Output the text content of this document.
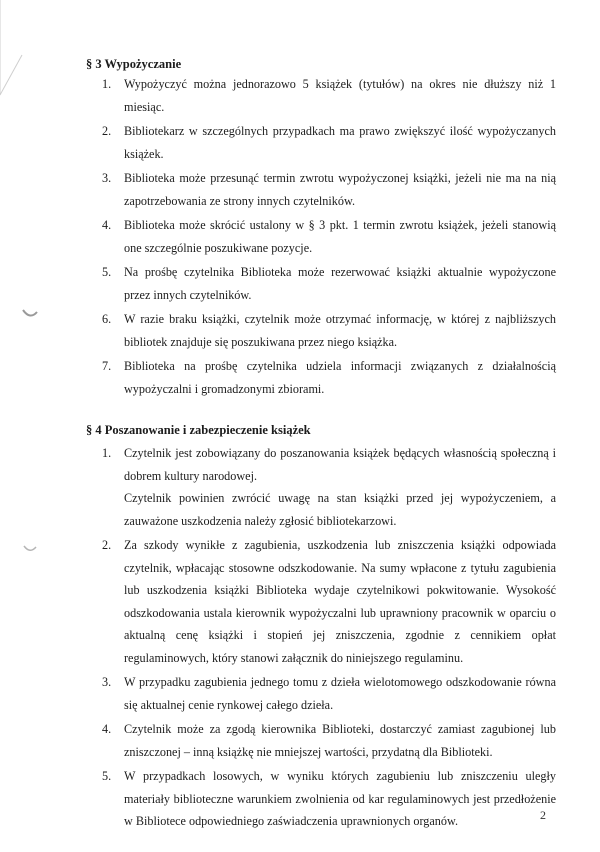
§ 3 Wypożyczanie
1. Wypożyczyć można jednorazowo 5 książek (tytułów) na okres nie dłuższy niż 1 miesiąc.
2. Bibliotekarz w szczególnych przypadkach ma prawo zwiększyć ilość wypożyczanych książek.
3. Biblioteka może przesunąć termin zwrotu wypożyczonej książki, jeżeli nie ma na nią zapotrzebowania ze strony innych czytelników.
4. Biblioteka może skrócić ustalony w § 3 pkt. 1 termin zwrotu książek, jeżeli stanowią one szczególnie poszukiwane pozycje.
5. Na prośbę czytelnika Biblioteka może rezerwować książki aktualnie wypożyczone przez innych czytelników.
6. W razie braku książki, czytelnik może otrzymać informację, w której z najbliższych bibliotek znajduje się poszukiwana przez niego książka.
7. Biblioteka na prośbę czytelnika udziela informacji związanych z działalnością wypożyczalni i gromadzonymi zbiorami.
§ 4 Poszanowanie i zabezpieczenie książek
1. Czytelnik jest zobowiązany do poszanowania książek będących własnością społeczną i dobrem kultury narodowej.
Czytelnik powinien zwrócić uwagę na stan książki przed jej wypożyczeniem, a zauważone uszkodzenia należy zgłosić bibliotekarzowi.
2. Za szkody wynikłe z zagubienia, uszkodzenia lub zniszczenia książki odpowiada czytelnik, wpłacając stosowne odszkodowanie. Na sumy wpłacone z tytułu zagubienia lub uszkodzenia książki Biblioteka wydaje czytelnikowi pokwitowanie. Wysokość odszkodowania ustala kierownik wypożyczalni lub uprawniony pracownik w oparciu o aktualną cenę książki i stopień jej zniszczenia, zgodnie z cennikiem opłat regulaminowych, który stanowi załącznik do niniejszego regulaminu.
3. W przypadku zagubienia jednego tomu z dzieła wielotomowego odszkodowanie równa się aktualnej cenie rynkowej całego dzieła.
4. Czytelnik może za zgodą kierownika Biblioteki, dostarczyć zamiast zagubionej lub zniszczonej – inną książkę nie mniejszej wartości, przydatną dla Biblioteki.
5. W przypadkach losowych, w wyniku których zagubieniu lub zniszczeniu uległy materiały biblioteczne warunkiem zwolnienia od kar regulaminowych jest przedłożenie w Bibliotece odpowiedniego zaświadczenia uprawnionych organów.	2
